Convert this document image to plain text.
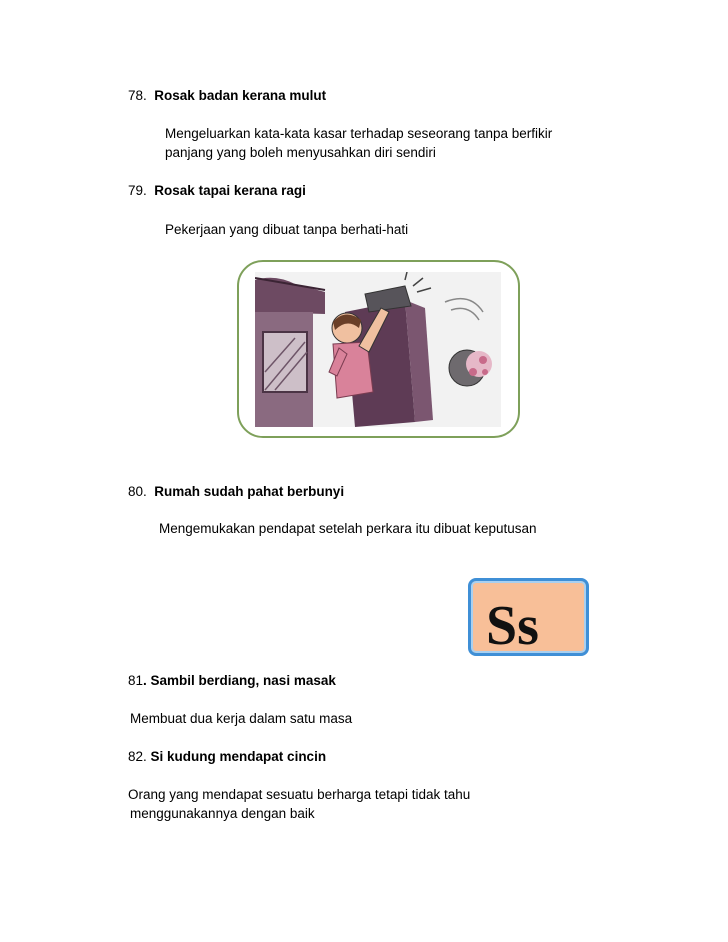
78. Rosak badan kerana mulut
Mengeluarkan kata-kata kasar terhadap seseorang tanpa berfikir
panjang yang boleh menyusahkan diri sendiri
79. Rosak tapai kerana ragi
Pekerjaan yang dibuat tanpa berhati-hati
80. Rumah sudah pahat berbunyi
Mengemukakan pendapat setelah perkara itu dibuat keputusan
Ss
81. Sambil berdiang, nasi masak
Membuat dua kerja dalam satu masa
82. Si kudung mendapat cincin
Orang yang mendapat sesuatu berharga tetapi tidak tahu
menggunakannya dengan baik
